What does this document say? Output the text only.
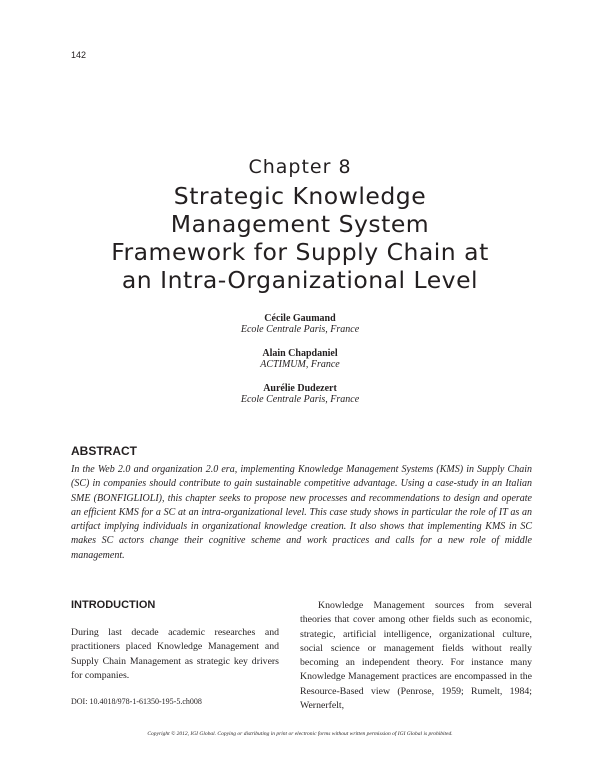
142
Chapter 8
Strategic Knowledge
Management System
Framework for Supply Chain at
an Intra-Organizational Level
Cécile Gaumand
Ecole Centrale Paris, France
Alain Chapdaniel
ACTIMUM, France
Aurélie Dudezert
Ecole Centrale Paris, France
ABSTRACT
In the Web 2.0 and organization 2.0 era, implementing Knowledge Management Systems (KMS) in Supply Chain (SC) in companies should contribute to gain sustainable competitive advantage. Using a case-study in an Italian SME (BONFIGLIOLI), this chapter seeks to propose new processes and recommendations to design and operate an efficient KMS for a SC at an intra-organizational level. This case study shows in particular the role of IT as an artifact implying individuals in organizational knowledge creation. It also shows that implementing KMS in SC makes SC actors change their cognitive scheme and work practices and calls for a new role of middle management.
INTRODUCTION
During last decade academic researches and practitioners placed Knowledge Management and Supply Chain Management as strategic key drivers for companies.
DOI: 10.4018/978-1-61350-195-5.ch008
Knowledge Management sources from several theories that cover among other fields such as economic, strategic, artificial intelligence, organizational culture, social science or management fields without really becoming an independent theory. For instance many Knowledge Management practices are encompassed in the Resource-Based view (Penrose, 1959; Rumelt, 1984; Wernerfelt,
Copyright © 2012, IGI Global. Copying or distributing in print or electronic forms without written permission of IGI Global is prohibited.
